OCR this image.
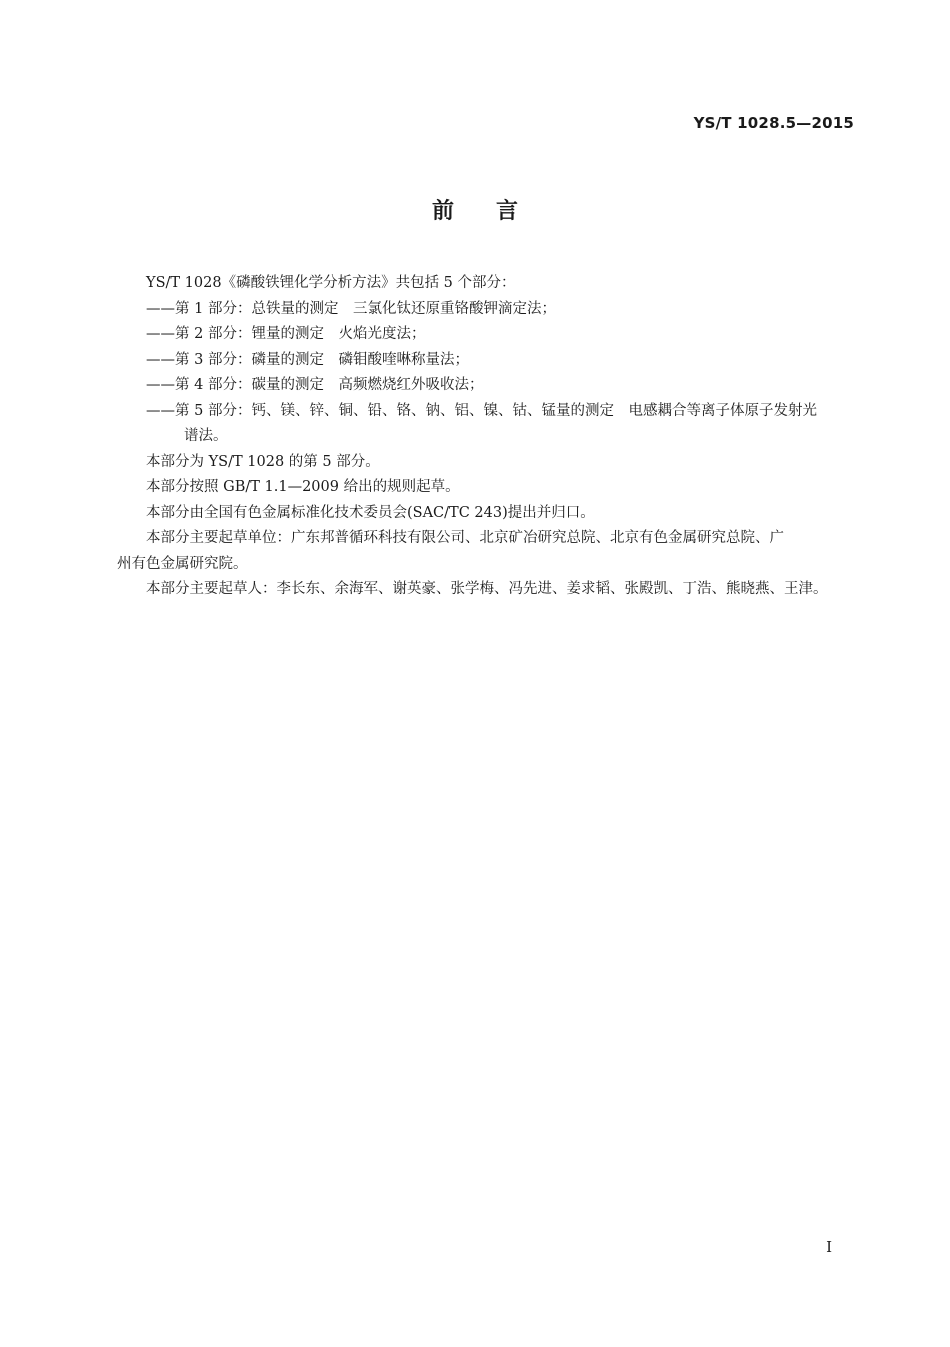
YS/T 1028.5—2015
前言

YS/T 1028《磷酸铁锂化学分析方法》共包括 5 个部分：

——第 1 部分：总铁量的测定　三氯化钛还原重铬酸钾滴定法；

——第 2 部分：锂量的测定　火焰光度法；

——第 3 部分：磷量的测定　磷钼酸喹啉称量法；

——第 4 部分：碳量的测定　高频燃烧红外吸收法；

——第 5 部分：钙、镁、锌、铜、铅、铬、钠、铝、镍、钴、锰量的测定　电感耦合等离子体原子发射光

谱法。

本部分为 YS/T 1028 的第 5 部分。

本部分按照 GB/T 1.1—2009 给出的规则起草。

本部分由全国有色金属标准化技术委员会(SAC/TC 243)提出并归口。

本部分主要起草单位：广东邦普循环科技有限公司、北京矿冶研究总院、北京有色金属研究总院、广

州有色金属研究院。

本部分主要起草人：李长东、余海军、谢英豪、张学梅、冯先进、姜求韬、张殿凯、丁浩、熊晓燕、王津。

I
